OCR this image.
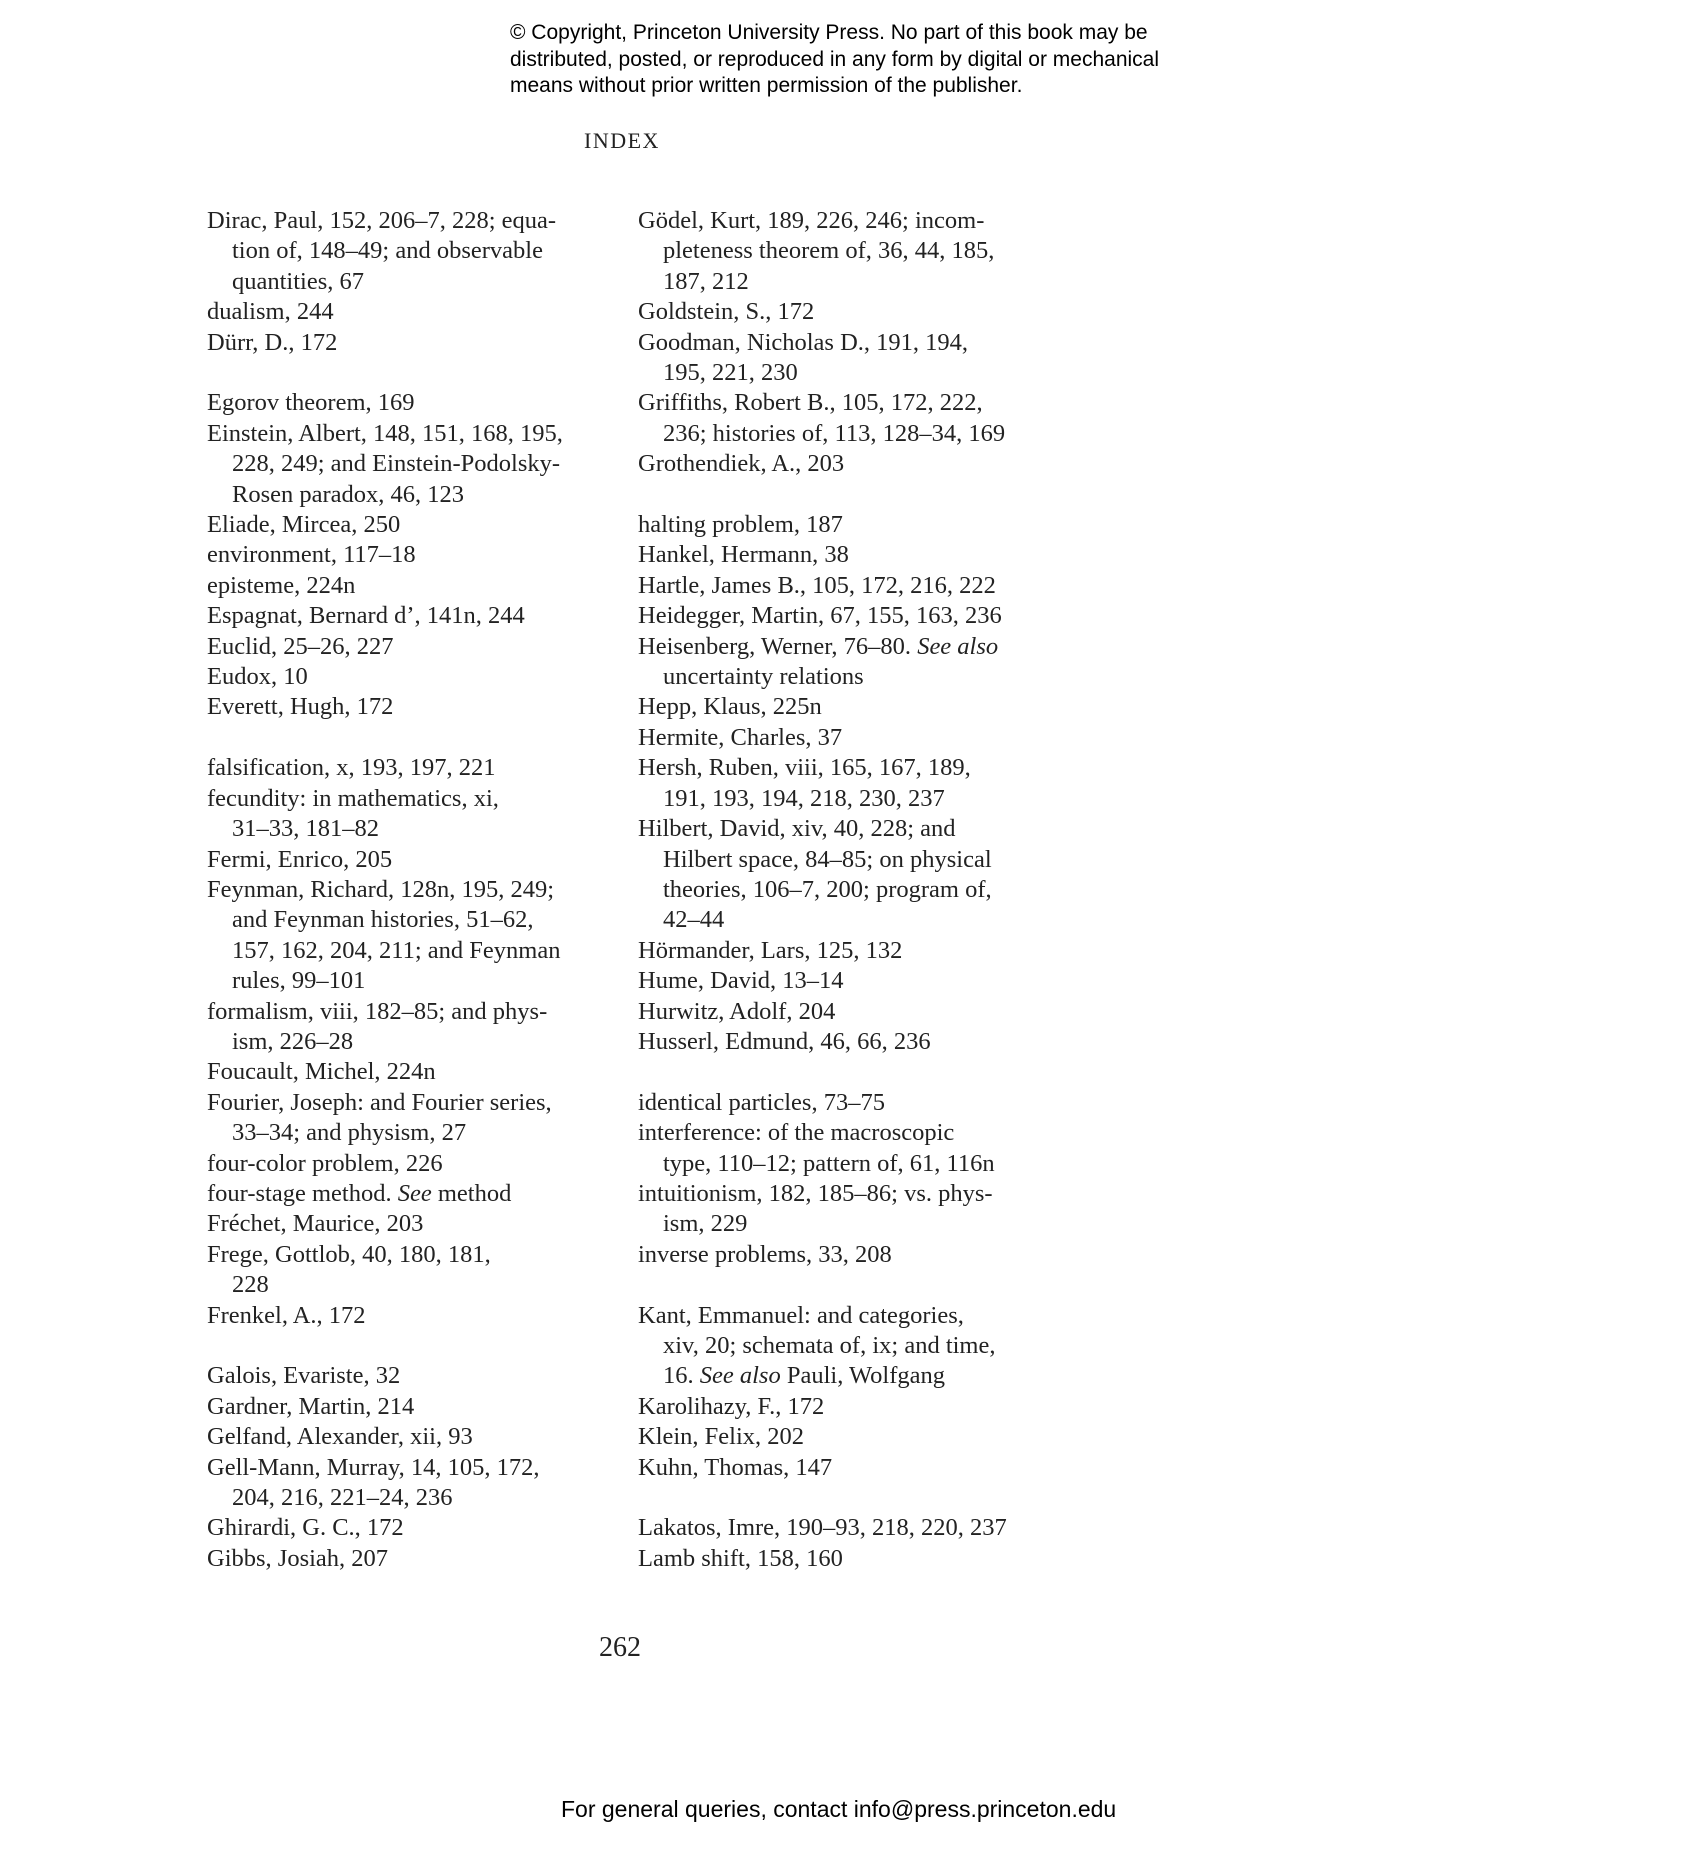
© Copyright, Princeton University Press. No part of this book may be
distributed, posted, or reproduced in any form by digital or mechanical
means without prior written permission of the publisher.
INDEX
Dirac, Paul, 152, 206–7, 228; equa-
tion of, 148–49; and observable
quantities, 67
dualism, 244
Dürr, D., 172
Egorov theorem, 169
Einstein, Albert, 148, 151, 168, 195,
228, 249; and Einstein-Podolsky-
Rosen paradox, 46, 123
Eliade, Mircea, 250
environment, 117–18
episteme, 224n
Espagnat, Bernard d’, 141n, 244
Euclid, 25–26, 227
Eudox, 10
Everett, Hugh, 172
falsification, x, 193, 197, 221
fecundity: in mathematics, xi,
31–33, 181–82
Fermi, Enrico, 205
Feynman, Richard, 128n, 195, 249;
and Feynman histories, 51–62,
157, 162, 204, 211; and Feynman
rules, 99–101
formalism, viii, 182–85; and phys-
ism, 226–28
Foucault, Michel, 224n
Fourier, Joseph: and Fourier series,
33–34; and physism, 27
four-color problem, 226
four-stage method. See method
Fréchet, Maurice, 203
Frege, Gottlob, 40, 180, 181,
228
Frenkel, A., 172
Galois, Evariste, 32
Gardner, Martin, 214
Gelfand, Alexander, xii, 93
Gell-Mann, Murray, 14, 105, 172,
204, 216, 221–24, 236
Ghirardi, G. C., 172
Gibbs, Josiah, 207
Gödel, Kurt, 189, 226, 246; incom-
pleteness theorem of, 36, 44, 185,
187, 212
Goldstein, S., 172
Goodman, Nicholas D., 191, 194,
195, 221, 230
Griffiths, Robert B., 105, 172, 222,
236; histories of, 113, 128–34, 169
Grothendiek, A., 203
halting problem, 187
Hankel, Hermann, 38
Hartle, James B., 105, 172, 216, 222
Heidegger, Martin, 67, 155, 163, 236
Heisenberg, Werner, 76–80. See also
uncertainty relations
Hepp, Klaus, 225n
Hermite, Charles, 37
Hersh, Ruben, viii, 165, 167, 189,
191, 193, 194, 218, 230, 237
Hilbert, David, xiv, 40, 228; and
Hilbert space, 84–85; on physical
theories, 106–7, 200; program of,
42–44
Hörmander, Lars, 125, 132
Hume, David, 13–14
Hurwitz, Adolf, 204
Husserl, Edmund, 46, 66, 236
identical particles, 73–75
interference: of the macroscopic
type, 110–12; pattern of, 61, 116n
intuitionism, 182, 185–86; vs. phys-
ism, 229
inverse problems, 33, 208
Kant, Emmanuel: and categories,
xiv, 20; schemata of, ix; and time,
16. See also Pauli, Wolfgang
Karolihazy, F., 172
Klein, Felix, 202
Kuhn, Thomas, 147
Lakatos, Imre, 190–93, 218, 220, 237
Lamb shift, 158, 160
262
For general queries, contact info@press.princeton.edu
